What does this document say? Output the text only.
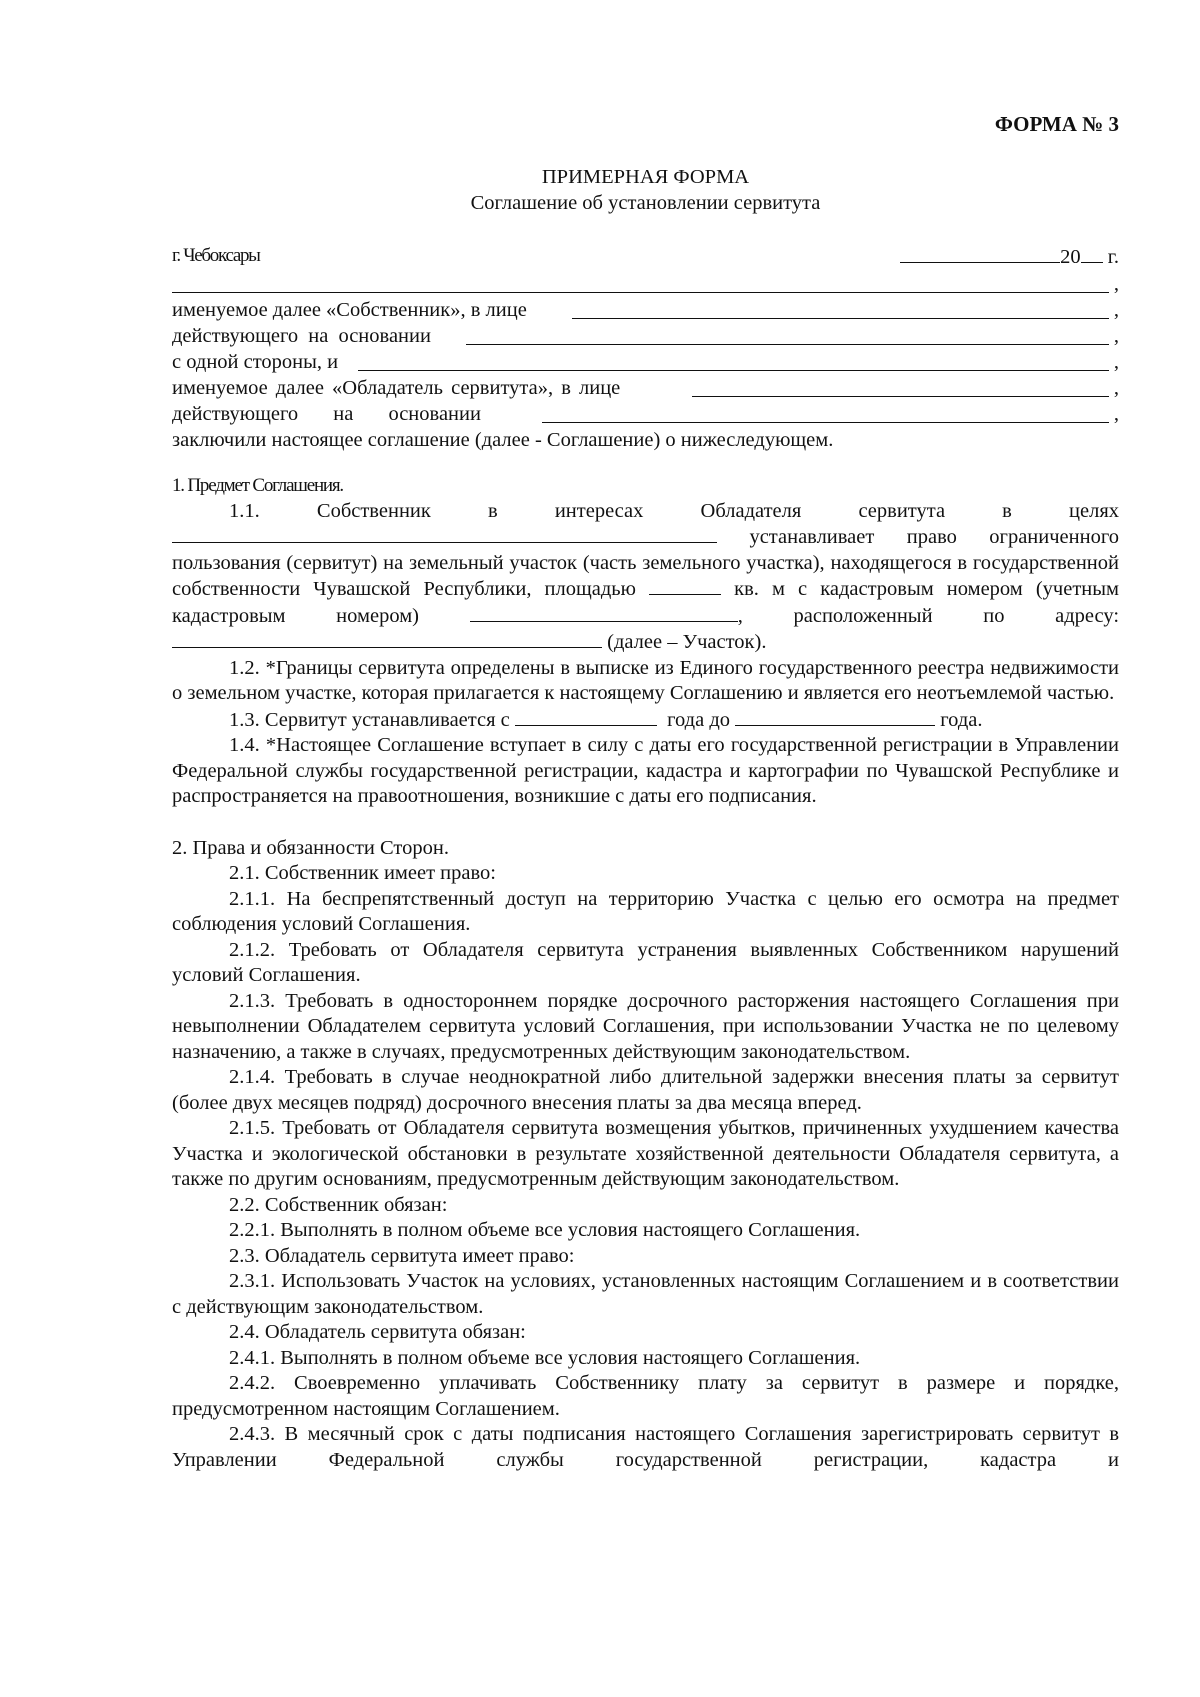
ФОРМА № 3
ПРИМЕРНАЯ ФОРМА
Соглашение об установлении сервитута
г. Чебоксары	20 г.
,
именуемое далее «Собственник», в лице	,
действующего на основании	,
с одной стороны, и	,
именуемое далее «Обладатель сервитута», в лице	,
действующего на основании	,
заключили настоящее соглашение (далее - Соглашение) о нижеследующем.

1. Предмет Соглашения.

1.1. Собственник в интересах Обладателя сервитута в целях

устанавливает право ограниченного пользования (сервитут) на земельный участок (часть земельного участка), находящегося в государственной собственности Чувашской Республики, площадью	кв. м с кадастровым номером (учетным кадастровым номером)	, расположенный по адресу:  (далее – Участок).

1.2. *Границы сервитута определены в выписке из Единого государственного реестра недвижимости о земельном участке, которая прилагается к настоящему Соглашению и является его неотъемлемой частью.

1.3. Сервитут устанавливается с	года до	года.

1.4. *Настоящее Соглашение вступает в силу с даты его государственной регистрации в Управлении Федеральной службы государственной регистрации, кадастра и картографии по Чувашской Республике и распространяется на правоотношения, возникшие с даты его подписания.

2. Права и обязанности Сторон.

2.1. Собственник имеет право:

2.1.1. На беспрепятственный доступ на территорию Участка с целью его осмотра на предмет соблюдения условий Соглашения.

2.1.2. Требовать от Обладателя сервитута устранения выявленных Собственником нарушений условий Соглашения.

2.1.3. Требовать в одностороннем порядке досрочного расторжения настоящего Соглашения при невыполнении Обладателем сервитута условий Соглашения, при использовании Участка не по целевому назначению, а также в случаях, предусмотренных действующим законодательством.

2.1.4. Требовать в случае неоднократной либо длительной задержки внесения платы за сервитут (более двух месяцев подряд) досрочного внесения платы за два месяца вперед.

2.1.5. Требовать от Обладателя сервитута возмещения убытков, причиненных ухудшением качества Участка и экологической обстановки в результате хозяйственной деятельности Обладателя сервитута, а также по другим основаниям, предусмотренным действующим законодательством.

2.2. Собственник обязан:

2.2.1. Выполнять в полном объеме все условия настоящего Соглашения.

2.3. Обладатель сервитута имеет право:

2.3.1. Использовать Участок на условиях, установленных настоящим Соглашением и в соответствии с действующим законодательством.

2.4. Обладатель сервитута обязан:

2.4.1. Выполнять в полном объеме все условия настоящего Соглашения.

2.4.2. Своевременно уплачивать Собственнику плату за сервитут в размере и порядке, предусмотренном настоящим Соглашением.

2.4.3. В месячный срок с даты подписания настоящего Соглашения зарегистрировать сервитут в Управлении Федеральной службы государственной регистрации, кадастра и
